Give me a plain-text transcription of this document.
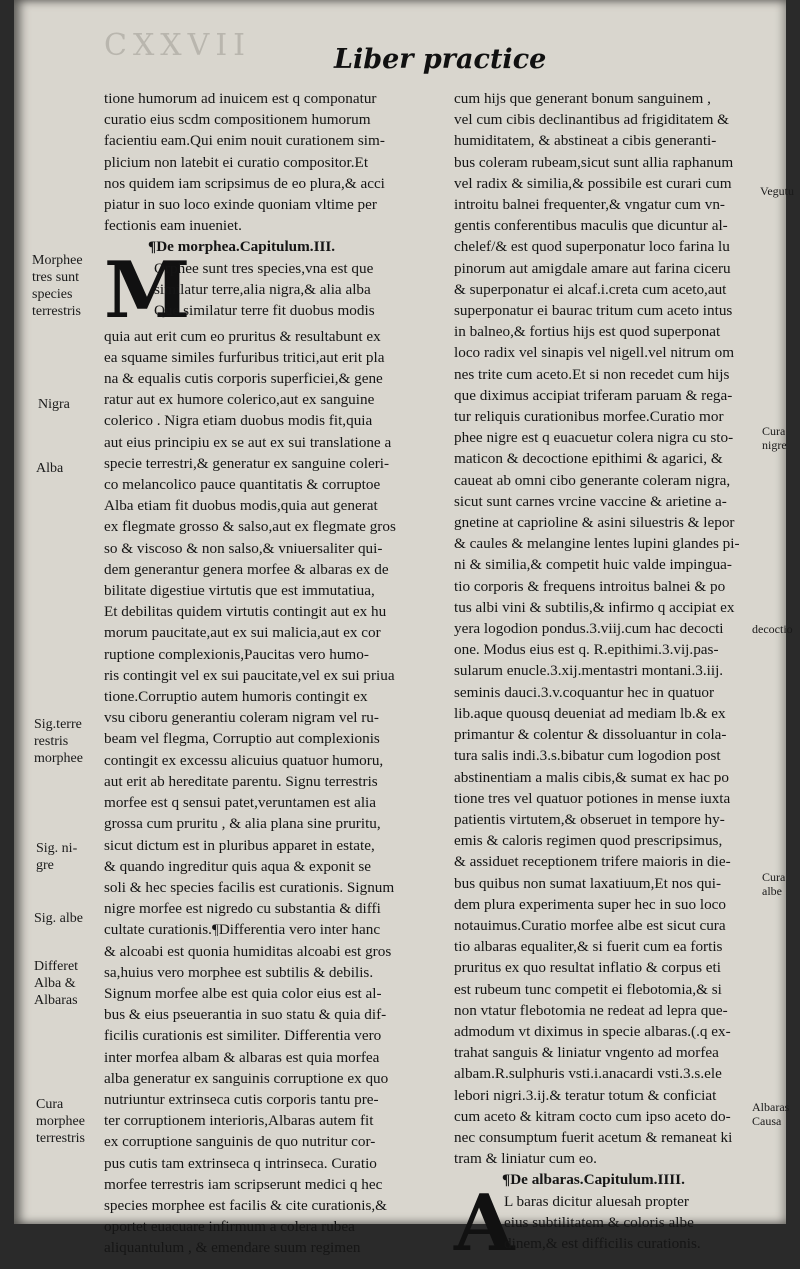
CXXVII	Liber practice

tione humorum ad inuicem est q componatur

curatio eius scdm compositionem humorum

facientiu eam.Qui enim nouit curationem sim-

plicium non latebit ei curatio compositor.Et

nos quidem iam scripsimus de eo plura,& acci

piatur in suo loco exinde quoniam vltime per

fectionis eam inueniet.

¶De morphea.Capitulum.III.

M

Orphee sunt tres species,vna est que

similatur terre,alia nigra,& alia alba

Que similatur terre fit duobus modis

quia aut erit cum eo pruritus & resultabunt ex

ea squame similes furfuribus tritici,aut erit pla

na & equalis cutis corporis superficiei,& gene

ratur aut ex humore colerico,aut ex sanguine

colerico . Nigra etiam duobus modis fit,quia

aut eius principiu ex se aut ex sui translatione a

specie terrestri,& generatur ex sanguine coleri-

co melancolico pauce quantitatis & corruptoe

Alba etiam fit duobus modis,quia aut generat

ex flegmate grosso & salso,aut ex flegmate gros

so & viscoso & non salso,& vniuersaliter qui-

dem generantur genera morfee & albaras ex de

bilitate digestiue virtutis que est immutatiua,

Et debilitas quidem virtutis contingit aut ex hu

morum paucitate,aut ex sui malicia,aut ex cor

ruptione complexionis,Paucitas vero humo-

ris contingit vel ex sui paucitate,vel ex sui priua

tione.Corruptio autem humoris contingit ex

vsu ciboru generantiu coleram nigram vel ru-

beam vel flegma, Corruptio aut complexionis

contingit ex excessu alicuius quatuor humoru,

aut erit ab hereditate parentu. Signu terrestris

morfee est q sensui patet,veruntamen est alia

grossa cum pruritu , & alia plana sine pruritu,

sicut dictum est in pluribus apparet in estate,

& quando ingreditur quis aqua & exponit se

soli & hec species facilis est curationis. Signum

nigre morfee est nigredo cu substantia & diffi

cultate curationis.¶Differentia vero inter hanc

& alcoabi est quonia humiditas alcoabi est gros

sa,huius vero morphee est subtilis & debilis.

Signum morfee albe est quia color eius est al-

bus & eius pseuerantia in suo statu & quia dif-

ficilis curationis est similiter. Differentia vero

inter morfea albam & albaras est quia morfea

alba generatur ex sanguinis corruptione ex quo

nutriuntur extrinseca cutis corporis tantu pre-

ter corruptionem interioris,Albaras autem fit

ex corruptione sanguinis de quo nutritur cor-

pus cutis tam extrinseca q intrinseca. Curatio

morfee terrestris iam scripserunt medici q hec

species morphee est facilis & cite curationis,&

oportet euacuare infirmum a colera rubea

aliquantulum , & emendare suum regimen

cum hijs que generant bonum sanguinem ,

vel cum cibis declinantibus ad frigiditatem &

humiditatem, & abstineat a cibis generanti-

bus coleram rubeam,sicut sunt allia raphanum

vel radix & similia,& possibile est curari cum

introitu balnei frequenter,& vngatur cum vn-

gentis conferentibus maculis que dicuntur al-

chelef/& est quod superponatur loco farina lu

pinorum aut amigdale amare aut farina ciceru

& superponatur ei alcaf.i.creta cum aceto,aut

superponatur ei baurac tritum cum aceto intus

in balneo,& fortius hijs est quod superponat

loco radix vel sinapis vel nigell.vel nitrum om

nes trite cum aceto.Et si non recedet cum hijs

que diximus accipiat triferam paruam & rega-

tur reliquis curationibus morfee.Curatio mor

phee nigre est q euacuetur colera nigra cu sto-

maticon & decoctione epithimi & agarici, &

caueat ab omni cibo generante coleram nigra,

sicut sunt carnes vrcine vaccine & arietine a-

gnetine at caprioline & asini siluestris & lepor

& caules & melangine lentes lupini glandes pi-

ni & similia,& competit huic valde impingua-

tio corporis & frequens introitus balnei & po

tus albi vini & subtilis,& infirmo q accipiat ex

yera logodion pondus.3.viij.cum hac decocti

one. Modus eius est q. R.epithimi.3.vij.pas-

sularum enucle.3.xij.mentastri montani.3.iij.

seminis dauci.3.v.coquantur hec in quatuor

lib.aque quousq deueniat ad mediam lb.& ex

primantur & colentur & dissoluantur in cola-

tura salis indi.3.s.bibatur cum logodion post

abstinentiam a malis cibis,& sumat ex hac po

tione tres vel quatuor potiones in mense iuxta

patientis virtutem,& obseruet in tempore hy-

emis & caloris regimen quod prescripsimus,

& assiduet receptionem trifere maioris in die-

bus quibus non sumat laxatiuum,Et nos qui-

dem plura experimenta super hec in suo loco

notauimus.Curatio morfee albe est sicut cura

tio albaras equaliter,& si fuerit cum ea fortis

pruritus ex quo resultat inflatio & corpus eti

est rubeum tunc competit ei flebotomia,& si

non vtatur flebotomia ne redeat ad lepra que-

admodum vt diximus in specie albaras.(.q ex-

trahat sanguis & liniatur vngento ad morfea

albam.R.sulphuris vsti.i.anacardi vsti.3.s.ele

lebori nigri.3.ij.& teratur totum & conficiat

cum aceto & kitram cocto cum ipso aceto do-

nec consumptum fuerit acetum & remaneat ki

tram & liniatur cum eo.

¶De albaras.Capitulum.IIII.

A

L baras dicitur aluesah propter

eius subtilitatem & coloris albe

dinem,& est difficilis curationis.

Morphee
tres sunt
species
terrestris
Nigra
Alba
Sig.terre
restris
morphee
Sig. ni-
gre
Sig. albe
Differet
Alba &
Albaras
Cura
morphee
terrestris
Vegutu
Cura
nigre
decoctio
Cura
albe
Albaras
Causa
